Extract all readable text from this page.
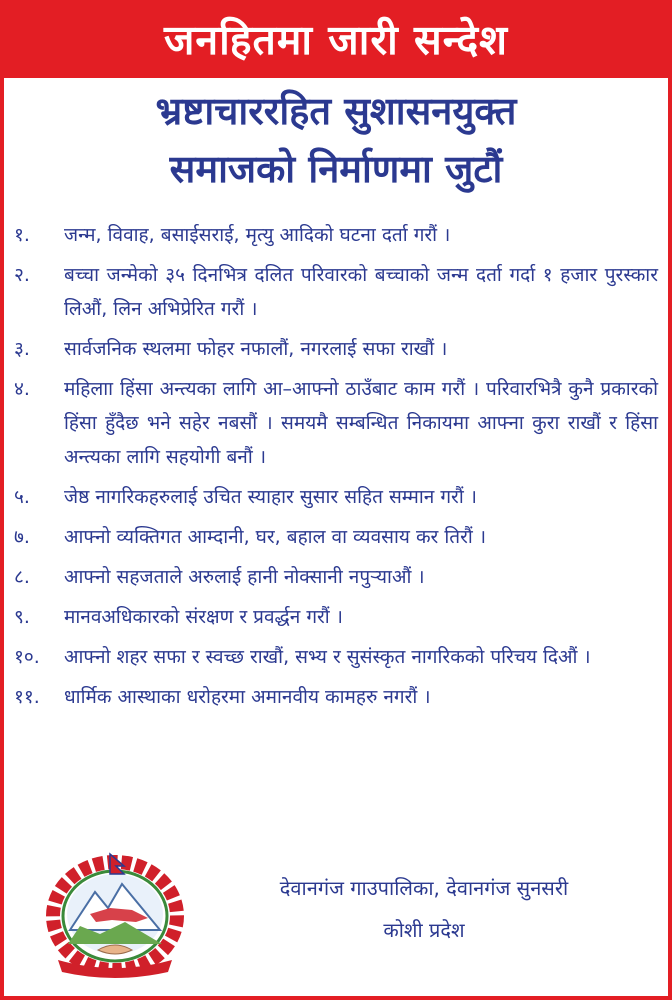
जनहितमा जारी सन्देश
भ्रष्टाचाररहित सुशासनयुक्त
समाजको निर्माणमा जुटौं
१.	जन्म, विवाह, बसाईसराई, मृत्यु आदिको घटना दर्ता गरौं ।
२.	बच्चा जन्मेको ३५ दिनभित्र दलित परिवारको बच्चाको जन्म दर्ता गर्दा १ हजार पुरस्कार लिऔं, लिन अभिप्रेरित गरौं ।
३.	सार्वजनिक स्थलमा फोहर नफालौं, नगरलाई सफा राखौं ।
४.	महिलाा हिंसा अन्त्यका लागि आ–आफ्नो ठाउँबाट काम गरौं । परिवारभित्रै कुनै प्रकारको हिंसा हुँदैछ भने सहेर नबसौं । समयमै सम्बन्धित निकायमा आफ्ना कुरा राखौं र हिंसा अन्त्यका लागि सहयोगी बनौं ।
५.	जेष्ठ नागरिकहरुलाई उचित स्याहार सुसार सहित सम्मान गरौं ।
७.	आफ्नो व्यक्तिगत आम्दानी, घर, बहाल वा व्यवसाय कर तिरौं ।
८.	आफ्नो सहजताले अरुलाई हानी नोक्सानी नपुर्‍याऔं ।
९.	मानवअधिकारको संरक्षण र प्रवर्द्धन गरौं ।
१०.	आफ्नो शहर सफा र स्वच्छ राखौं, सभ्य र सुसंस्कृत नागरिकको परिचय दिऔं ।
११.	धार्मिक आस्थाका धरोहरमा अमानवीय कामहरु नगरौं ।
देवानगंज गाउपालिका, देवानगंज सुनसरी
कोशी प्रदेश
